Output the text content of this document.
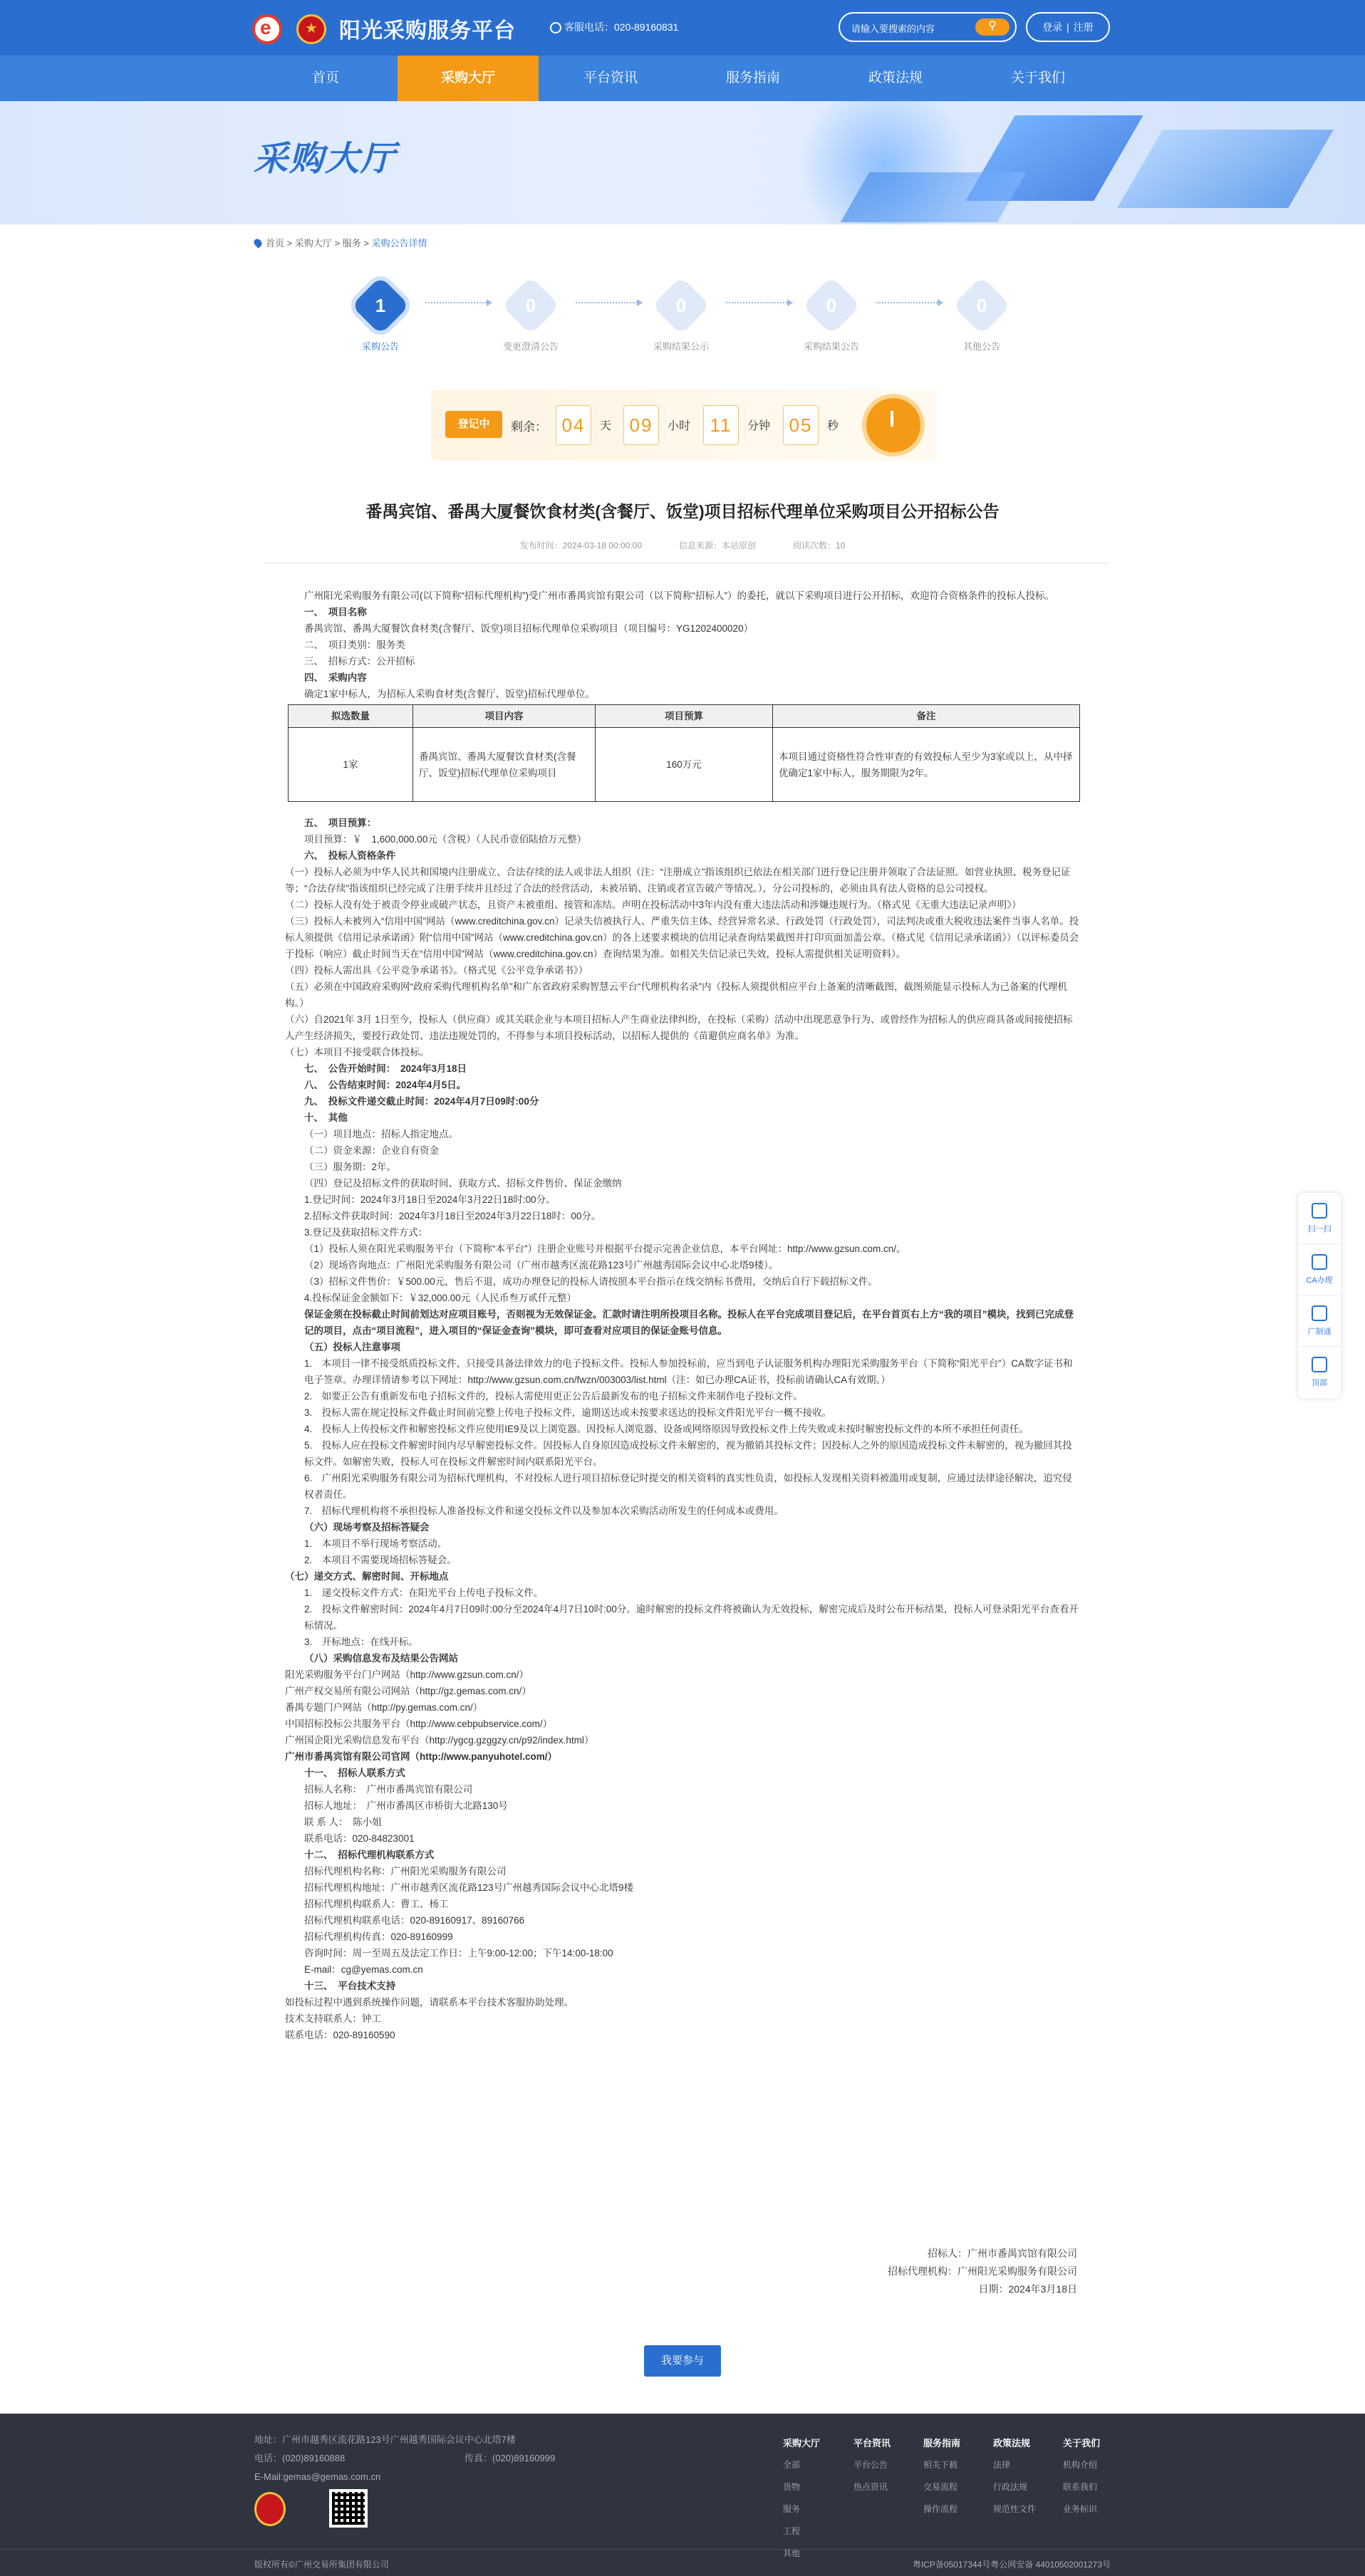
e ★ 阳光采购服务平台	客服电话：020-89160831	请输入要搜索的内容	⚲	登录 | 注册
首页	采购大厅	平台资讯	服务指南	政策法规	关于我们
采购大厅
首页 > 采购大厅 > 服务 > 采购公告详情
1
采购公告
0
变更澄清公告
0
采购结果公示
0
采购结果公告
0
其他公告
登记中	剩余： 04	天 09	小时	11	分钟	05	秒
番禺宾馆、番禺大厦餐饮食材类(含餐厅、饭堂)项目招标代理单位采购项目公开招标公告
发布时间：2024-03-18 00:00:00	信息来源：本站原创	阅读次数：10

广州阳光采购服务有限公司(以下简称“招标代理机构”)受广州市番禺宾馆有限公司（以下简称“招标人”）的委托，就以下采购项目进行公开招标，欢迎符合资格条件的投标人投标。

一、　项目名称

番禺宾馆、番禺大厦餐饮食材类(含餐厅、饭堂)项目招标代理单位采购项目（项目编号：YG1202400020）

二、　项目类别：服务类

三、　招标方式：公开招标

四、　采购内容

确定1家中标人，为招标人采购食材类(含餐厅、饭堂)招标代理单位。

拟选数量	项目内容	项目预算	备注
1家	番禺宾馆、番禺大厦餐饮食材类(含餐厅、饭堂)招标代理单位采购项目	160万元	本项目通过资格性符合性审查的有效投标人至少为3家或以上，从中择优确定1家中标人，服务期限为2年。

五、　项目预算：

项目预算：￥　1,600,000.00元（含税）（人民币壹佰陆拾万元整）

六、　投标人资格条件

（一）投标人必须为中华人民共和国境内注册成立、合法存续的法人或非法人组织（注：“注册成立”指该组织已依法在相关部门进行登记注册并领取了合法证照。如营业执照、税务登记证等；“合法存续”指该组织已经完成了注册手续并且经过了合法的经营活动，未被吊销、注销或者宣告破产等情况。），分公司投标的，必须由具有法人资格的总公司授权。

（二）投标人没有处于被责令停业或破产状态，且资产未被重组、接管和冻结。声明在投标活动中3年内没有重大违法活动和涉嫌违规行为。（格式见《无重大违法记录声明》）

（三）投标人未被列入“信用中国”网站（www.creditchina.gov.cn）记录失信被执行人、严重失信主体、经营异常名录、行政处罚（行政处罚），司法判决或重大税收违法案件当事人名单。投标人须提供《信用记录承诺函》附“信用中国”网站（www.creditchina.gov.cn）的各上述要求模块的信用记录查询结果截图并打印页面加盖公章。（格式见《信用记录承诺函》）（以评标委员会于投标（响应）截止时间当天在“信用中国”网站（www.creditchina.gov.cn）查询结果为准。如相关失信记录已失效，投标人需提供相关证明资料）。

（四）投标人需出具《公平竞争承诺书》。（格式见《公平竞争承诺书》）

（五）必须在中国政府采购网“政府采购代理机构名单”和广东省政府采购智慧云平台“代理机构名录”内（投标人须提供相应平台上备案的清晰截图，截图须能显示投标人为己备案的代理机构。）

（六）自2021年 3月 1日至今，投标人（供应商）或其关联企业与本项目招标人产生商业法律纠纷，在投标（采购）活动中出现恶意争行为、或曾经作为招标人的供应商具备或间接使招标人产生经济损失，要授行政处罚、违法违规处罚的，不得参与本项目投标活动，以招标人提供的《苗避供应商名单》为准。

（七）本项目不接受联合体投标。

七、　公告开始时间：　2024年3月18日

八、　公告结束时间：2024年4月5日。

九、　投标文件递交截止时间：2024年4月7日09时:00分

十、　其他

（一）项目地点：招标人指定地点。

（二）资金来源：企业自有资金

（三）服务期：2年。

（四）登记及招标文件的获取时间、获取方式、招标文件售价、保证金缴纳

1.登记时间：2024年3月18日至2024年3月22日18时:00分。

2.招标文件获取时间：2024年3月18日至2024年3月22日18时：00分。

3.登记及获取招标文件方式：

（1）投标人须在阳光采购服务平台（下简称“本平台”）注册企业账号并根据平台提示完善企业信息，本平台网址：http://www.gzsun.com.cn/。

（2）现场咨询地点：广州阳光采购服务有限公司（广州市越秀区流花路123号广州越秀国际会议中心北塔9楼）。

（3）招标文件售价：￥500.00元，售后不退，成功办理登记的投标人请按照本平台指示在线交纳标书费用，交纳后自行下载招标文件。

4.投标保证金金额如下：￥32,000.00元（人民币叁万贰仟元整）

保证金须在投标截止时间前划达对应项目账号，否则视为无效保证金。汇款时请注明所投项目名称。投标人在平台完成项目登记后，在平台首页右上方“我的项目”模块，找到已完成登记的项目，点击“项目流程”，进入项目的“保证金查询”模块，即可查看对应项目的保证金账号信息。

（五）投标人注意事项

1.　本项目一律不接受纸质投标文件，只接受具备法律效力的电子投标文件。投标人参加投标前，应当到电子认证服务机构办理阳光采购服务平台（下简称“阳光平台”）CA数字证书和电子签章。办理详情请参考以下网址：http://www.gzsun.com.cn/fwzn/003003/list.html（注：如已办理CA证书，投标前请确认CA有效期。）

2.　如要正公告有重新发布电子招标文件的，投标人需使用更正公告后最新发布的电子招标文件来制作电子投标文件。

3.　投标人需在规定投标文件截止时间前完整上传电子投标文件，逾期送达或未按要求送达的投标文件阳光平台一概不接收。

4.　投标人上传投标文件和解密投标文件应使用IE9及以上浏览器。因投标人浏览器、设备或网络原因导致投标文件上传失败或未按时解密投标文件的本所不承担任何责任。

5.　投标人应在投标文件解密时间内尽早解密投标文件。因投标人自身原因造成投标文件未解密的，视为撤销其投标文件；因投标人之外的原因造成投标文件未解密的，视为撤回其投标文件。如解密失败，投标人可在投标文件解密时间内联系阳光平台。

6.　广州阳光采购服务有限公司为招标代理机构，不对投标人进行项目招标登记时提交的相关资料的真实性负责，如投标人发现相关资料被滥用或复制，应通过法律途径解决，追究侵权者责任。

7.　招标代理机构将不承担投标人准备投标文件和递交投标文件以及参加本次采购活动所发生的任何成本或费用。

（六）现场考察及招标答疑会

1.　本项目不举行现场考察活动。

2.　本项目不需要现场招标答疑会。

（七）递交方式、解密时间、开标地点

1.　递交投标文件方式：在阳光平台上传电子投标文件。

2.　投标文件解密时间：2024年4月7日09时:00分至2024年4月7日10时:00分。逾时解密的投标文件将被确认为无效投标，解密完成后及时公布开标结果，投标人可登录阳光平台查看开标情况。

3.　开标地点：在线开标。

（八）采购信息发布及结果公告网站

阳光采购服务平台门户网站（http://www.gzsun.com.cn/）

广州产权交易所有限公司网站（http://gz.gemas.com.cn/）

番禺专题门户网站（http://py.gemas.com.cn/）

中国招标投标公共服务平台（http://www.cebpubservice.com/）

广州国企阳光采购信息发布平台（http://ygcg.gzggzy.cn/p92/index.html）

广州市番禺宾馆有限公司官网（http://www.panyuhotel.com/）

十一、　招标人联系方式

招标人名称：　广州市番禺宾馆有限公司

招标人地址：　广州市番禺区市桥街大北路130号

联 系 人：　陈小姐

联系电话：020-84823001

十二、　招标代理机构联系方式

招标代理机构名称：广州阳光采购服务有限公司

招标代理机构地址：广州市越秀区流花路123号广州越秀国际会议中心北塔9楼

招标代理机构联系人：曹工、杨工

招标代理机构联系电话：020-89160917、89160766

招标代理机构传真：020-89160999

咨询时间：周一至周五及法定工作日：上午9:00-12:00；下午14:00-18:00

E-mail：cg@yemas.com.cn

十三、　平台技术支持

如投标过程中遇到系统操作问题，请联系本平台技术客服协助处理。

技术支持联系人：钟工

联系电话：020-89160590

招标人：广州市番禺宾馆有限公司
招标代理机构：广州阳光采购服务有限公司
日期：2024年3月18日
我要参与
扫一扫
CA办理
广制通
顶部
地址：广州市越秀区流花路123号广州越秀国际会议中心北塔7楼
电话：(020)89160888	传真：(020)89160999
E-Mail:gemas@gemas.com.cn
采购大厅
全部
货物
服务
工程
其他
平台资讯
平台公告
热点资讯
服务指南
相关下载
交易流程
操作流程
政策法规
法律
行政法规
规范性文件
关于我们
机构介绍
联系我们
业务标识
版权所有©广州交易所集团有限公司	粤ICP备05017344号粤公网安备 44010502001273号
